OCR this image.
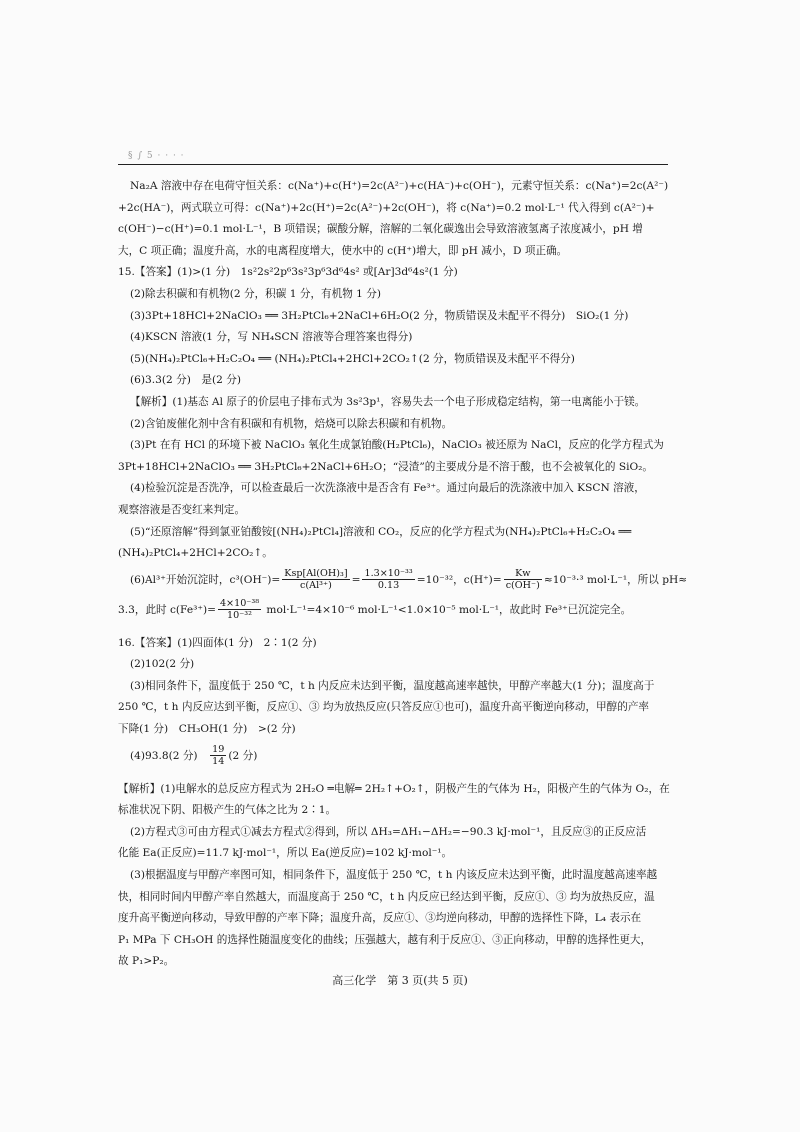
§ ∫ 5 · · · ·

Na₂A 溶液中存在电荷守恒关系：c(Na⁺)+c(H⁺)=2c(A²⁻)+c(HA⁻)+c(OH⁻)，元素守恒关系：c(Na⁺)=2c(A²⁻)

+2c(HA⁻)，两式联立可得：c(Na⁺)+2c(H⁺)=2c(A²⁻)+2c(OH⁻)，将 c(Na⁺)=0.2 mol·L⁻¹ 代入得到 c(A²⁻)+

c(OH⁻)−c(H⁺)=0.1 mol·L⁻¹，B 项错误；碳酸分解，溶解的二氧化碳逸出会导致溶液氢离子浓度减小，pH 增

大，C 项正确；温度升高，水的电离程度增大，使水中的 c(H⁺)增大，即 pH 减小，D 项正确。

15.【答案】(1)>(1 分)　1s²2s²2p⁶3s²3p⁶3d⁶4s² 或[Ar]3d⁶4s²(1 分)

(2)除去积碳和有机物(2 分，积碳 1 分，有机物 1 分)

(3)3Pt+18HCl+2NaClO₃ ══ 3H₂PtCl₆+2NaCl+6H₂O(2 分，物质错误及未配平不得分)　SiO₂(1 分)

(4)KSCN 溶液(1 分，写 NH₄SCN 溶液等合理答案也得分)

(5)(NH₄)₂PtCl₆+H₂C₂O₄ ══ (NH₄)₂PtCl₄+2HCl+2CO₂↑(2 分，物质错误及未配平不得分)

(6)3.3(2 分)　是(2 分)

【解析】(1)基态 Al 原子的价层电子排布式为 3s²3p¹，容易失去一个电子形成稳定结构，第一电离能小于镁。

(2)含铂废催化剂中含有积碳和有机物，焙烧可以除去积碳和有机物。

(3)Pt 在有 HCl 的环境下被 NaClO₃ 氧化生成氯铂酸(H₂PtCl₆)，NaClO₃ 被还原为 NaCl，反应的化学方程式为

3Pt+18HCl+2NaClO₃ ══ 3H₂PtCl₆+2NaCl+6H₂O；“浸渣”的主要成分是不溶于酸，也不会被氧化的 SiO₂。

(4)检验沉淀是否洗净，可以检查最后一次洗涤液中是否含有 Fe³⁺。通过向最后的洗涤液中加入 KSCN 溶液，

观察溶液是否变红来判定。

(5)“还原溶解”得到氯亚铂酸铵[(NH₄)₂PtCl₄]溶液和 CO₂，反应的化学方程式为(NH₄)₂PtCl₆+H₂C₂O₄ ══

(NH₄)₂PtCl₄+2HCl+2CO₂↑。

(6)Al³⁺开始沉淀时，$c^3(OH^-)= \frac{\text{Ksp[Al(OH)₃]}}{\text{c(Al³⁺)}} = \frac{\text{1.3×10⁻³³}}{0.13} =10^{-32}$，$c(H^+)= \frac{Kw}{c(OH^-)} \approx 10^{-3}\cdot^3$ mol·L⁻¹，所以 pH≈

3.3，此时 $c(Fe^{3+})= \frac{\text{4×10⁻³⁸}}{\text{10⁻³²}} mol\cdot L^{-1}=4\times 10^{-6}$ mol·L⁻¹<1.0×10⁻⁵ mol·L⁻¹，故此时 Fe³⁺已沉淀完全。

16.【答案】(1)四面体(1 分)　2∶1(2 分)

(2)102(2 分)

(3)相同条件下，温度低于 250 ℃，t h 内反应未达到平衡，温度越高速率越快，甲醇产率越大(1 分)；温度高于

250 ℃，t h 内反应达到平衡，反应①、③ 均为放热反应(只答反应①也可)，温度升高平衡逆向移动，甲醇的产率

下降(1 分)　CH₃OH(1 分)　>(2 分)

(4)93.8(2 分)　 $\frac{19}{14} (2$ 分)

【解析】(1)电解水的总反应方程式为 2H₂O ═电解═ 2H₂↑+O₂↑，阴极产生的气体为 H₂，阳极产生的气体为 O₂，在

标准状况下阴、阳极产生的气体之比为 2∶1。

(2)方程式③可由方程式①减去方程式②得到，所以 ΔH₃=ΔH₁−ΔH₂=−90.3 kJ·mol⁻¹，且反应③的正反应活

化能 Ea(正反应)=11.7 kJ·mol⁻¹，所以 Ea(逆反应)=102 kJ·mol⁻¹。

(3)根据温度与甲醇产率图可知，相同条件下，温度低于 250 ℃，t h 内该反应未达到平衡，此时温度越高速率越

快，相同时间内甲醇产率自然越大，而温度高于 250 ℃，t h 内反应已经达到平衡，反应①、③ 均为放热反应，温

度升高平衡逆向移动，导致甲醇的产率下降；温度升高，反应①、③均逆向移动，甲醇的选择性下降，L₄ 表示在

P₁ MPa 下 CH₃OH 的选择性随温度变化的曲线；压强越大，越有利于反应①、③正向移动，甲醇的选择性更大，

故 P₁>P₂。

高三化学　第 3 页(共 5 页)
